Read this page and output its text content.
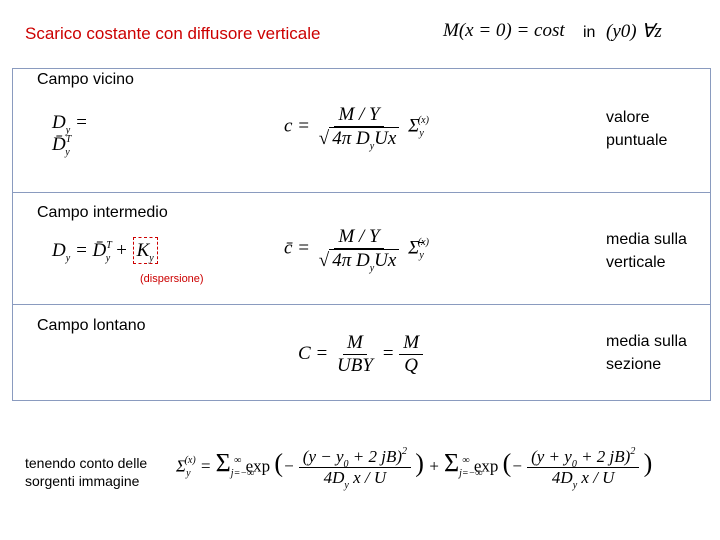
Scarico costante con diffusore verticale	M(x = 0) = cost in (y0) ∀z
Campo vicino
$D_y$ = D̄$^T_y$
$c = \frac{M / Y}{√ 4\pi D_yUx} \Sigma_y^{(x)}$	valore puntuale
Campo intermedio
$D_y$ = D̄$^T_y$ + $K_y$
(dispersione)
c̄ = $\frac{M / Y}{√ 4\pi D_yUx}$ $\Sigmā_y^{(x)}$	media sulla verticale
Campo lontano
$C = \frac{M}{\text{UBY}} = \frac{M}{Q}$	media sulla sezione
tenendo conto delle sorgenti immagine
$\Sigma_y^{(x)} = \Sigma_{j=-\infty}^\infty$ exp (− $\frac{(y - y_0 + 2 jB)^2}{4D_y x / U}$ ) + $\Sigma_{j=-\infty}^\infty$ exp (− $\frac{(y + y_0 + 2 jB)^2}{4D_y x / U}$ )
